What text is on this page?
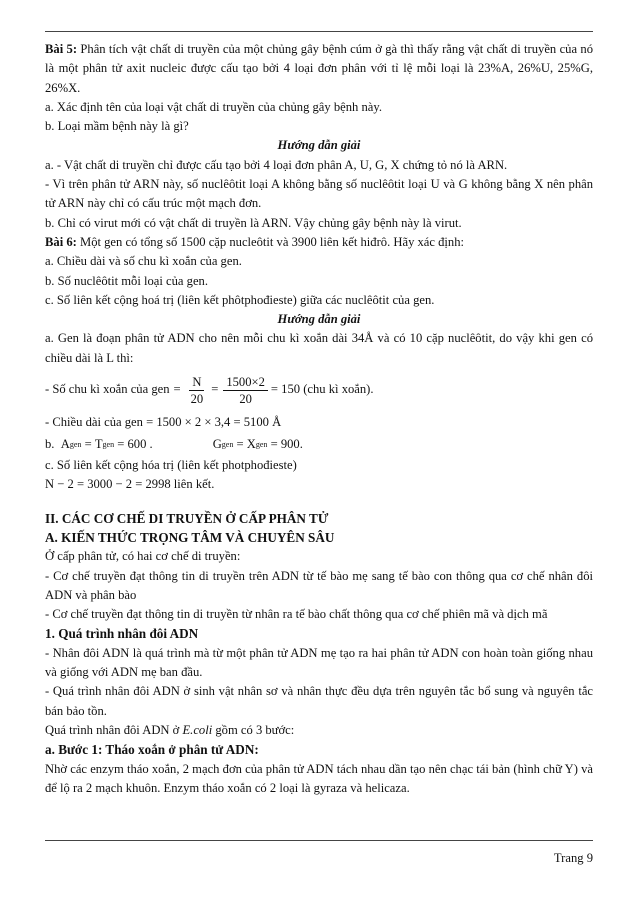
Bài 5: Phân tích vật chất di truyền của một chủng gây bệnh cúm ở gà thì thấy rằng vật chất di truyền của nó là một phân tử axit nucleic được cấu tạo bởi 4 loại đơn phân với tỉ lệ mỗi loại là 23%A, 26%U, 25%G, 26%X.

a. Xác định tên của loại vật chất di truyền của chủng gây bệnh này.

b. Loại mầm bệnh này là gì?

Hướng dẫn giải

a. - Vật chất di truyền chỉ được cấu tạo bởi 4 loại đơn phân A, U, G, X chứng tỏ nó là ARN.

- Vì trên phân tử ARN này, số nuclêôtit loại A không bằng số nuclêôtit loại U và G không bằng X nên phân tử ARN này chỉ có cấu trúc một mạch đơn.

b. Chỉ có virut mới có vật chất di truyền là ARN. Vậy chủng gây bệnh này là virut.

Bài 6: Một gen có tổng số 1500 cặp nucleôtit và 3900 liên kết hiđrô. Hãy xác định:

a. Chiều dài và số chu kì xoắn của gen.

b. Số nuclêôtit mỗi loại của gen.

c. Số liên kết cộng hoá trị (liên kết phôtphođieste) giữa các nuclêôtit của gen.

Hướng dẫn giải

a. Gen là đoạn phân tử ADN cho nên mỗi chu kì xoắn dài 34Å và có 10 cặp nuclêôtit, do vậy khi gen có chiều dài là L thì:

- Số chu kì xoắn của gen = $\frac{N}{20} = \frac{1500\times 2}{20} = 150$ (chu kì xoắn).
- Chiều dài của gen = 1500 × 2 × 3,4 = 5100 Å
b.
A gen = T gen = 600 .	G gen = X gen = 900.

c. Số liên kết cộng hóa trị (liên kết photphođieste)

N − 2 = 3000 − 2 = 2998 liên kết.

II. CÁC CƠ CHẾ DI TRUYỀN Ở CẤP PHÂN TỬ

A. KIẾN THỨC TRỌNG TÂM VÀ CHUYÊN SÂU

Ở cấp phân tử, có hai cơ chế di truyền:

- Cơ chế truyền đạt thông tin di truyền trên ADN từ tế bào mẹ sang tế bào con thông qua cơ chế nhân đôi ADN và phân bào

- Cơ chế truyền đạt thông tin di truyền từ nhân ra tế bào chất thông qua cơ chế phiên mã và dịch mã

1. Quá trình nhân đôi ADN

- Nhân đôi ADN là quá trình mà từ một phân tử ADN mẹ tạo ra hai phân tử ADN con hoàn toàn giống nhau và giống với ADN mẹ ban đầu.

- Quá trình nhân đôi ADN ở sinh vật nhân sơ và nhân thực đều dựa trên nguyên tắc bổ sung và nguyên tắc bán bảo tồn.

Quá trình nhân đôi ADN ở E.coli gồm có 3 bước:

a. Bước 1: Tháo xoắn ở phân tử ADN:

Nhờ các enzym tháo xoắn, 2 mạch đơn của phân tử ADN tách nhau dần tạo nên chạc tái bản (hình chữ Y) và để lộ ra 2 mạch khuôn. Enzym tháo xoắn có 2 loại là gyraza và helicaza.

Trang 9
